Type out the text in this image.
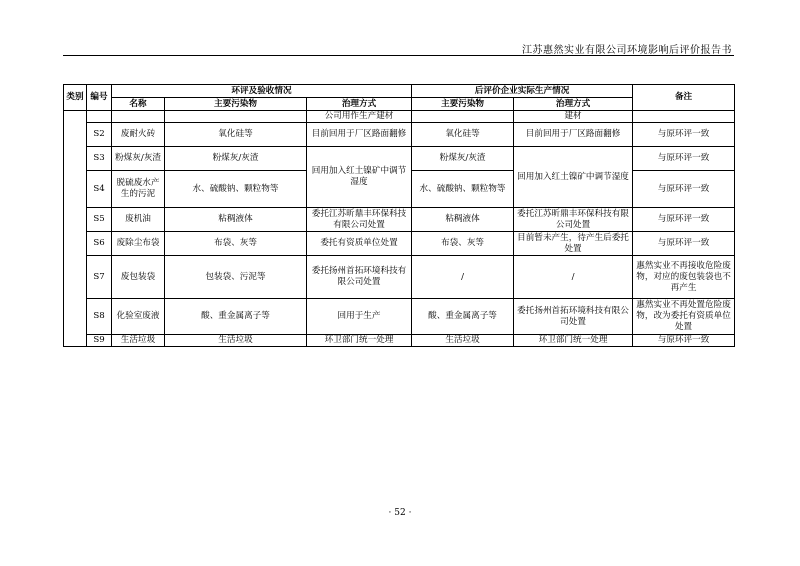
江苏惠然实业有限公司环境影响后评价报告书
类别	编号	环评及验收情况			后评价企业实际生产情况		备注
		名称	主要污染物	治理方式	主要污染物	治理方式	
				公司用作生产建材		建材	
	S2	废耐火砖	氧化硅等	目前回用于厂区路面翻修	氧化硅等	目前回用于厂区路面翻修	与原环评一致
	S3	粉煤灰/灰渣	粉煤灰/灰渣	回用加入红土镍矿中调节湿度	粉煤灰/灰渣	回用加入红土镍矿中调节湿度	与原环评一致
	S4	脱硫废水产生的污泥	水、硫酸钠、颗粒物等		水、硫酸钠、颗粒物等		与原环评一致
	S5	废机油	粘稠液体	委托江苏昕鼎丰环保科技有限公司处置	粘稠液体	委托江苏昕鼎丰环保科技有限公司处置	与原环评一致
	S6	废除尘布袋	布袋、灰等	委托有资质单位处置	布袋、灰等	目前暂未产生，待产生后委托处置	与原环评一致
	S7	废包装袋	包装袋、污泥等	委托扬州首拓环境科技有限公司处置	/	/	惠然实业不再接收危险废物，对应的废包装袋也不再产生
	S8	化验室废液	酸、重金属离子等	回用于生产	酸、重金属离子等	委托扬州首拓环境科技有限公司处置	惠然实业不再处置危险废物，改为委托有资质单位处置
	S9	生活垃圾	生活垃圾	环卫部门统一处理	生活垃圾	环卫部门统一处理	与原环评一致
· 52 ·
